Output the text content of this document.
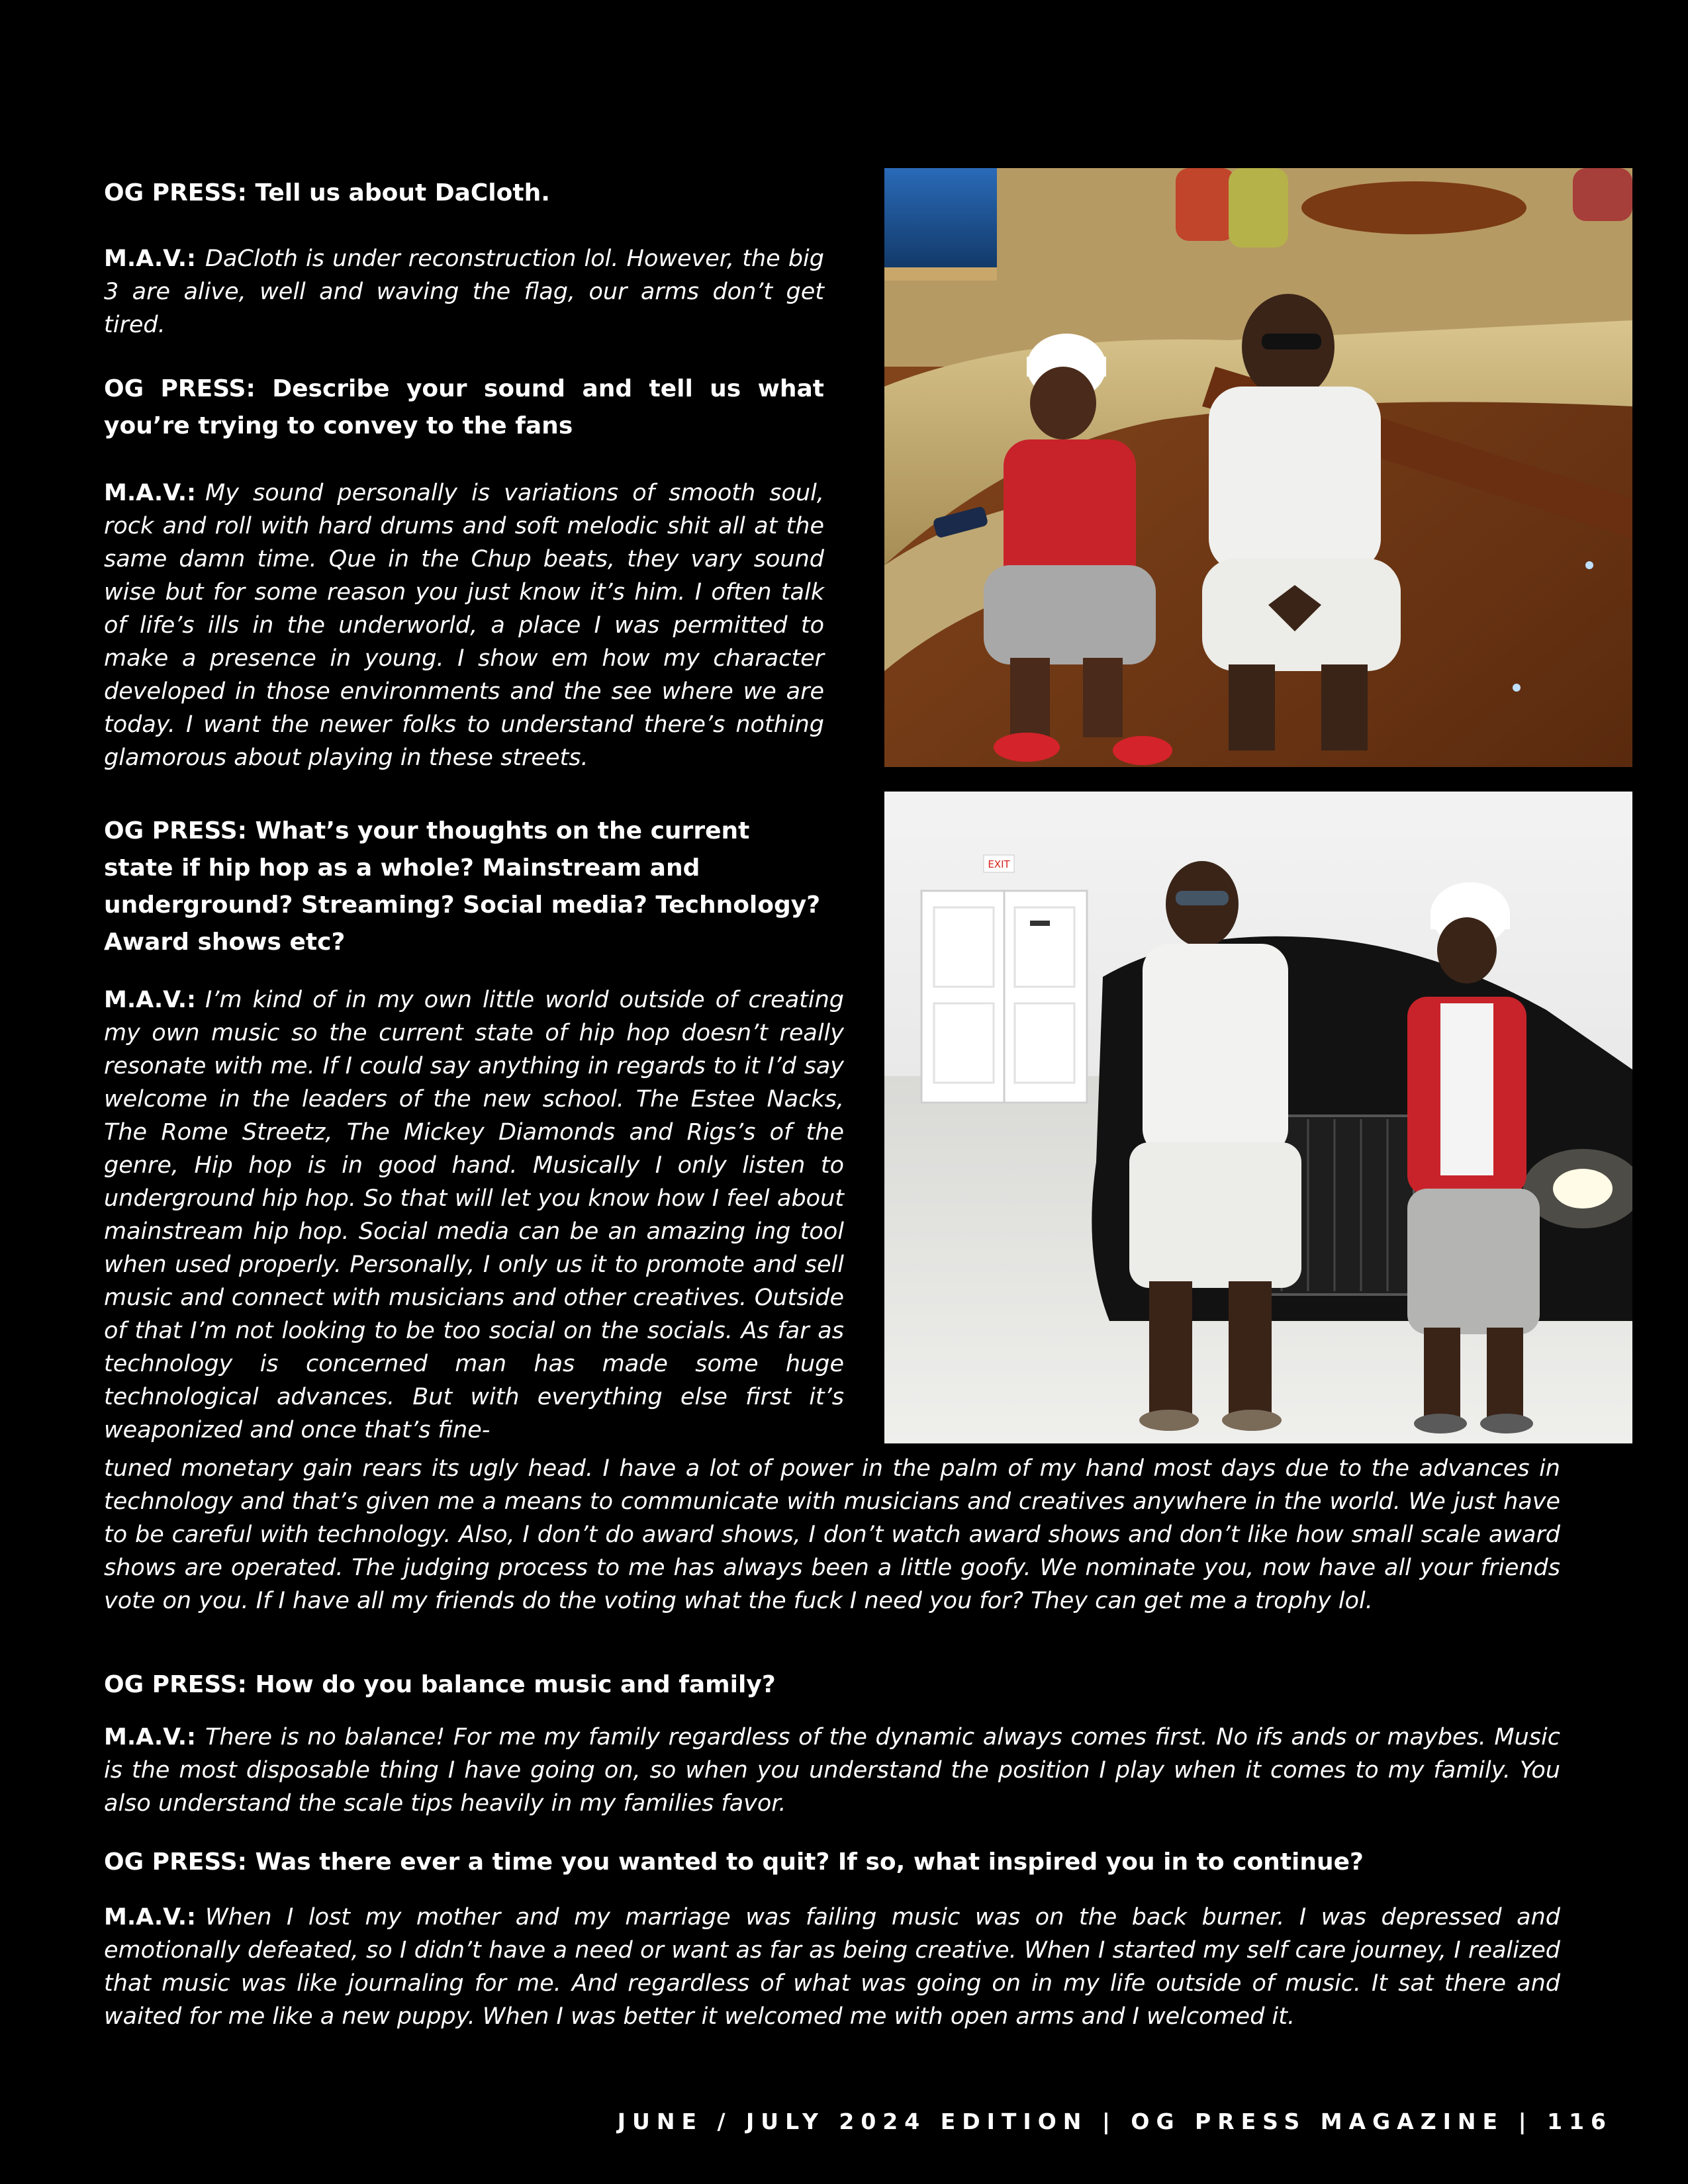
OG PRESS: Tell us about DaCloth.

M.A.V.: DaCloth is under reconstruction lol. However, the big 3 are alive, well and waving the flag, our arms don’t get tired.

OG PRESS: Describe your sound and tell us what you’re trying to convey to the fans

M.A.V.: My sound personally is variations of smooth soul, rock and roll with hard drums and soft melodic shit all at the same damn time. Que in the Chup beats, they vary sound wise but for some reason you just know it’s him. I often talk of life’s ills in the underworld, a place I was permitted to make a presence in young. I show em how my character developed in those environments and the see where we are today. I want the newer folks to understand there’s nothing glamorous about playing in these streets.

OG PRESS: What’s your thoughts on the current state if hip hop as a whole? Mainstream and underground? Streaming? Social media? Technology? Award shows etc?

M.A.V.: I’m kind of in my own little world outside of creating my own music so the current state of hip hop doesn’t really resonate with me. If I could say anything in regards to it I’d say welcome in the leaders of the new school. The Estee Nacks, The Rome Streetz, The Mickey Diamonds and Rigs’s of the genre, Hip hop is in good hand. Musically I only listen to underground hip hop. So that will let you know how I feel about mainstream hip hop. Social media can be an amazing ing tool when used properly. Personally, I only us it to promote and sell music and connect with musicians and other creatives. Outside of that I’m not looking to be too social on the socials. As far as technology is concerned man has made some huge technological advances. But with everything else first it’s weaponized and once that’s fine-

tuned monetary gain rears its ugly head. I have a lot of power in the palm of my hand most days due to the advances in technology and that’s given me a means to communicate with musicians and creatives anywhere in the world. We just have to be careful with technology. Also, I don’t do award shows, I don’t watch award shows and don’t like how small scale award shows are operated. The judging process to me has always been a little goofy. We nominate you, now have all your friends vote on you. If I have all my friends do the voting what the fuck I need you for? They can get me a trophy lol.

OG PRESS: How do you balance music and family?

M.A.V.: There is no balance! For me my family regardless of the dynamic always comes first. No ifs ands or maybes. Music is the most disposable thing I have going on, so when you understand the position I play when it comes to my family. You also understand the scale tips heavily in my families favor.

OG PRESS: Was there ever a time you wanted to quit? If so, what inspired you in to continue?

M.A.V.: When I lost my mother and my marriage was failing music was on the back burner. I was depressed and emotionally defeated, so I didn’t have a need or want as far as being creative. When I started my self care journey, I realized that music was like journaling for me. And regardless of what was going on in my life outside of music. It sat there and waited for me like a new puppy. When I was better it welcomed me with open arms and I welcomed it.

EXIT
JUNE / JULY 2024 EDITION | OG PRESS MAGAZINE | 116
